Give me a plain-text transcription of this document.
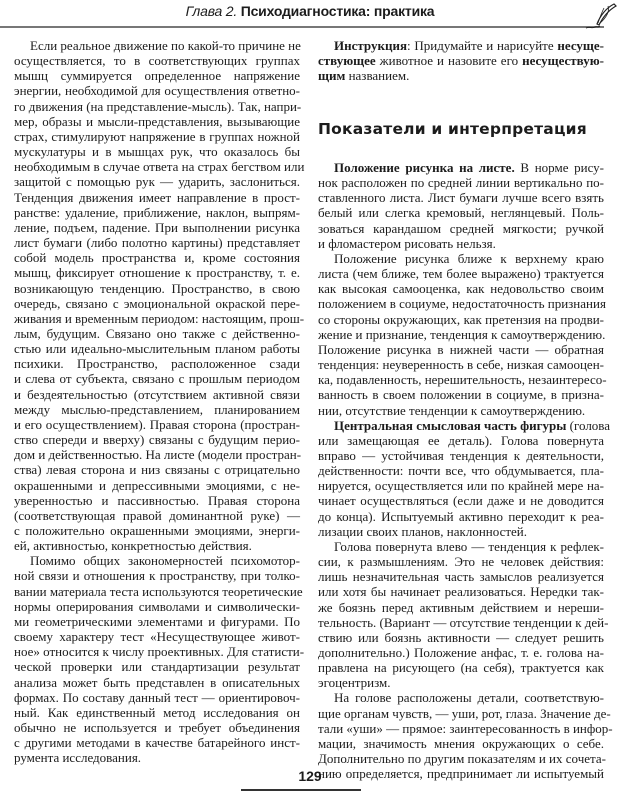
Глава 2. Психодиагностика: практика
Если реальное движение по какой-то причине не
осуществляется, то в соответствующих группах
мышц суммируется определенное напряжение
энергии, необходимой для осуществления ответно-
го движения (на представление-мысль). Так, напри-
мер, образы и мысли-представления, вызывающие
страх, стимулируют напряжение в группах ножной
мускулатуры и в мышцах рук, что оказалось бы
необходимым в случае ответа на страх бегством или
защитой с помощью рук — ударить, заслониться.
Тенденция движения имеет направление в прост-
ранстве: удаление, приближение, наклон, выпрям-
ление, подъем, падение. При выполнении рисунка
лист бумаги (либо полотно картины) представляет
собой модель пространства и, кроме состояния
мышц, фиксирует отношение к пространству, т. е.
возникающую тенденцию. Пространство, в свою
очередь, связано с эмоциональной окраской пере-
живания и временным периодом: настоящим, прош-
лым, будущим. Связано оно также с действенно-
стью или идеально-мыслительным планом работы
психики. Пространство, расположенное сзади
и слева от субъекта, связано с прошлым периодом
и бездеятельностью (отсутствием активной связи
между мыслью-представлением, планированием
и его осуществлением). Правая сторона (простран-
ство спереди и вверху) связаны с будущим перио-
дом и действенностью. На листе (модели простран-
ства) левая сторона и низ связаны с отрицательно
окрашенными и депрессивными эмоциями, с не-
уверенностью и пассивностью. Правая сторона
(соответствующая правой доминантной руке) —
с положительно окрашенными эмоциями, энерги-
ей, активностью, конкретностью действия.
Помимо общих закономерностей психомотор-
ной связи и отношения к пространству, при толко-
вании материала теста используются теоретические
нормы оперирования символами и символически-
ми геометрическими элементами и фигурами. По
своему характеру тест «Несуществующее живот-
ное» относится к числу проективных. Для статисти-
ческой проверки или стандартизации результат
анализа может быть представлен в описательных
формах. По составу данный тест — ориентировоч-
ный. Как единственный метод исследования он
обычно не используется и требует объединения
с другими методами в качестве батарейного инст-
румента исследования.
Инструкция: Придумайте и нарисуйте несуще-
ствующее животное и назовите его несуществую-
щим названием.
Показатели и интерпретация
Положение рисунка на листе. В норме рису-
нок расположен по средней линии вертикально по-
ставленного листа. Лист бумаги лучше всего взять
белый или слегка кремовый, неглянцевый. Поль-
зоваться карандашом средней мягкости; ручкой
и фломастером рисовать нельзя.
Положение рисунка ближе к верхнему краю
листа (чем ближе, тем более выражено) трактуется
как высокая самооценка, как недовольство своим
положением в социуме, недостаточность признания
со стороны окружающих, как претензия на продви-
жение и признание, тенденция к самоутверждению.
Положение рисунка в нижней части — обратная
тенденция: неуверенность в себе, низкая самооцен-
ка, подавленность, нерешительность, незаинтересо-
ванность в своем положении в социуме, в призна-
нии, отсутствие тенденции к самоутверждению.
Центральная смысловая часть фигуры (голова
или замещающая ее деталь). Голова повернута
вправо — устойчивая тенденция к деятельности,
действенности: почти все, что обдумывается, пла-
нируется, осуществляется или по крайней мере на-
чинает осуществляться (если даже и не доводится
до конца). Испытуемый активно переходит к реа-
лизации своих планов, наклонностей.
Голова повернута влево — тенденция к рефлек-
сии, к размышлениям. Это не человек действия:
лишь незначительная часть замыслов реализуется
или хотя бы начинает реализоваться. Нередки так-
же боязнь перед активным действием и нереши-
тельность. (Вариант — отсутствие тенденции к дей-
ствию или боязнь активности — следует решить
дополнительно.) Положение анфас, т. е. голова на-
правлена на рисующего (на себя), трактуется как
эгоцентризм.
На голове расположены детали, соответствую-
щие органам чувств, — уши, рот, глаза. Значение де-
тали «уши» — прямое: заинтересованность в инфор-
мации, значимость мнения окружающих о себе.
Дополнительно по другим показателям и их сочета-
нию определяется, предпринимает ли испытуемый
129
